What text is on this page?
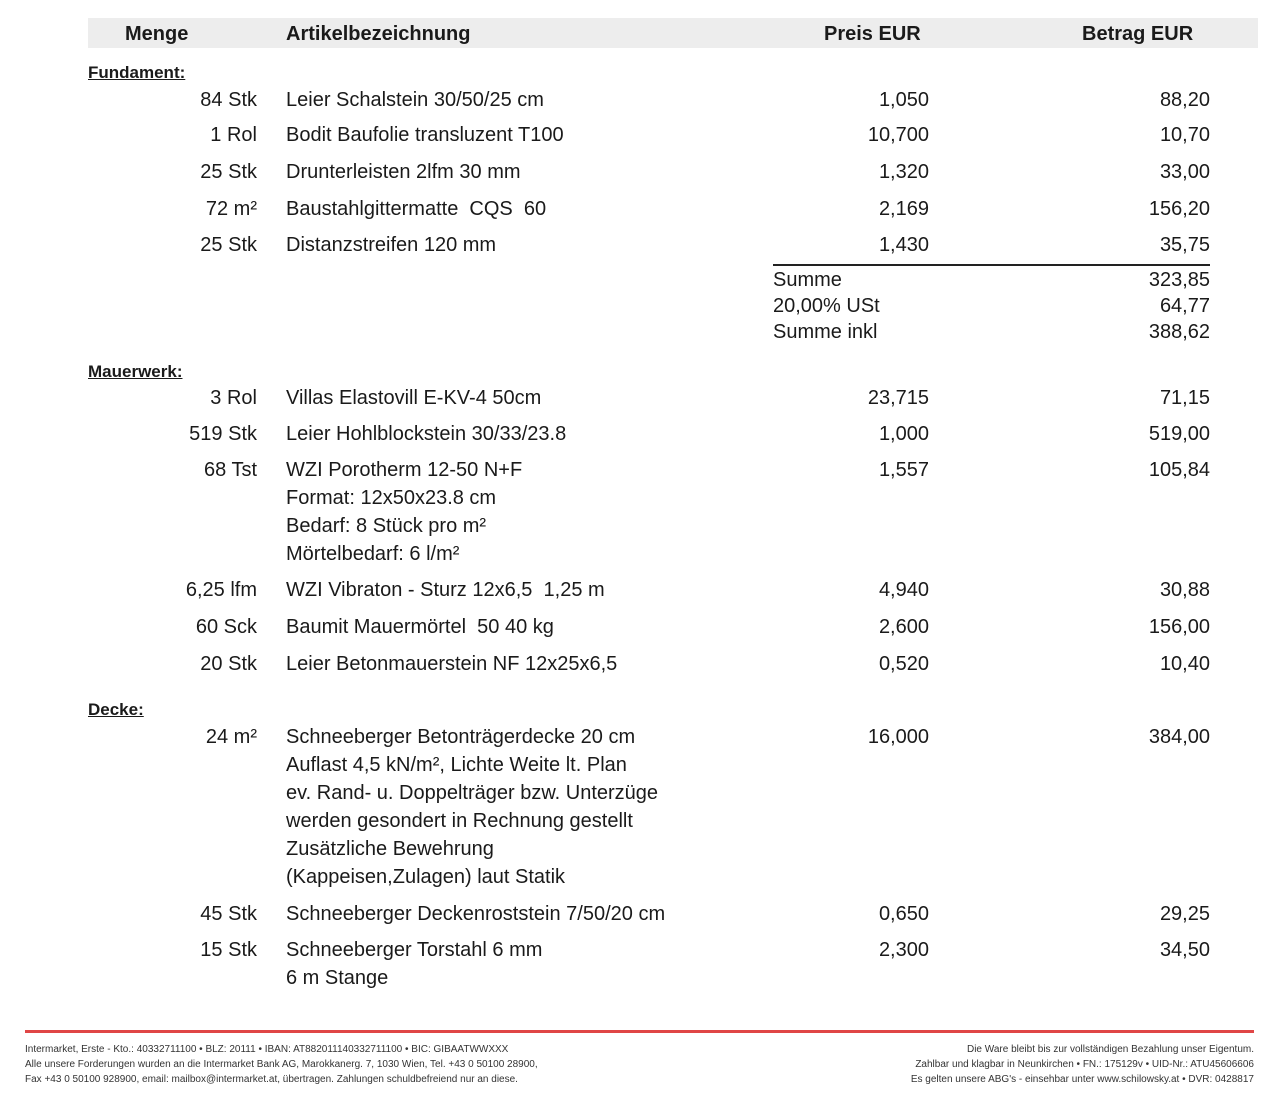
Menge	Artikelbezeichnung	Preis EUR	Betrag EUR
Fundament:
84 Stk Leier Schalstein 30/50/25 cm	1,050	88,20
1 Rol Bodit Baufolie transluzent T100	10,700	10,70
25 Stk Drunterleisten 2lfm 30 mm	1,320	33,00
72 m² Baustahlgittermatte  CQS  60	2,169	156,20
25 Stk Distanzstreifen 120 mm	1,430	35,75
Summe	323,85
20,00% USt	64,77
Summe inkl	388,62
Mauerwerk:
3 Rol Villas Elastovill E-KV-4 50cm	23,715	71,15
519 Stk Leier Hohlblockstein 30/33/23.8	1,000	519,00
68 Tst WZI Porotherm 12-50 N+F
Format: 12x50x23.8 cm
Bedarf: 8 Stück pro m²
Mörtelbedarf: 6 l/m²
1,557	105,84
6,25 lfm WZI Vibraton - Sturz 12x6,5  1,25 m	4,940	30,88
60 Sck Baumit Mauermörtel  50 40 kg	2,600	156,00
20 Stk Leier Betonmauerstein NF 12x25x6,5	0,520	10,40
Decke:
24 m² Schneeberger Betonträgerdecke 20 cm
Auflast 4,5 kN/m², Lichte Weite lt. Plan
ev. Rand- u. Doppelträger bzw. Unterzüge
werden gesondert in Rechnung gestellt
Zusätzliche Bewehrung
(Kappeisen,Zulagen) laut Statik
16,000	384,00
45 Stk Schneeberger Deckenroststein 7/50/20 cm	0,650	29,25
15 Stk Schneeberger Torstahl 6 mm
6 m Stange
2,300	34,50
Intermarket, Erste - Kto.: 40332711100 • BLZ: 20111 • IBAN: AT882011140332711100 • BIC: GIBAATWWXXX
Alle unsere Forderungen wurden an die Intermarket Bank AG, Marokkanerg. 7, 1030 Wien, Tel. +43 0 50100 28900,
Fax +43 0 50100 928900, email: mailbox@intermarket.at, übertragen. Zahlungen schuldbefreiend nur an diese.
Die Ware bleibt bis zur vollständigen Bezahlung unser Eigentum.
Zahlbar und klagbar in Neunkirchen • FN.: 175129v • UID-Nr.: ATU45606606
Es gelten unsere ABG's - einsehbar unter www.schilowsky.at • DVR: 0428817
